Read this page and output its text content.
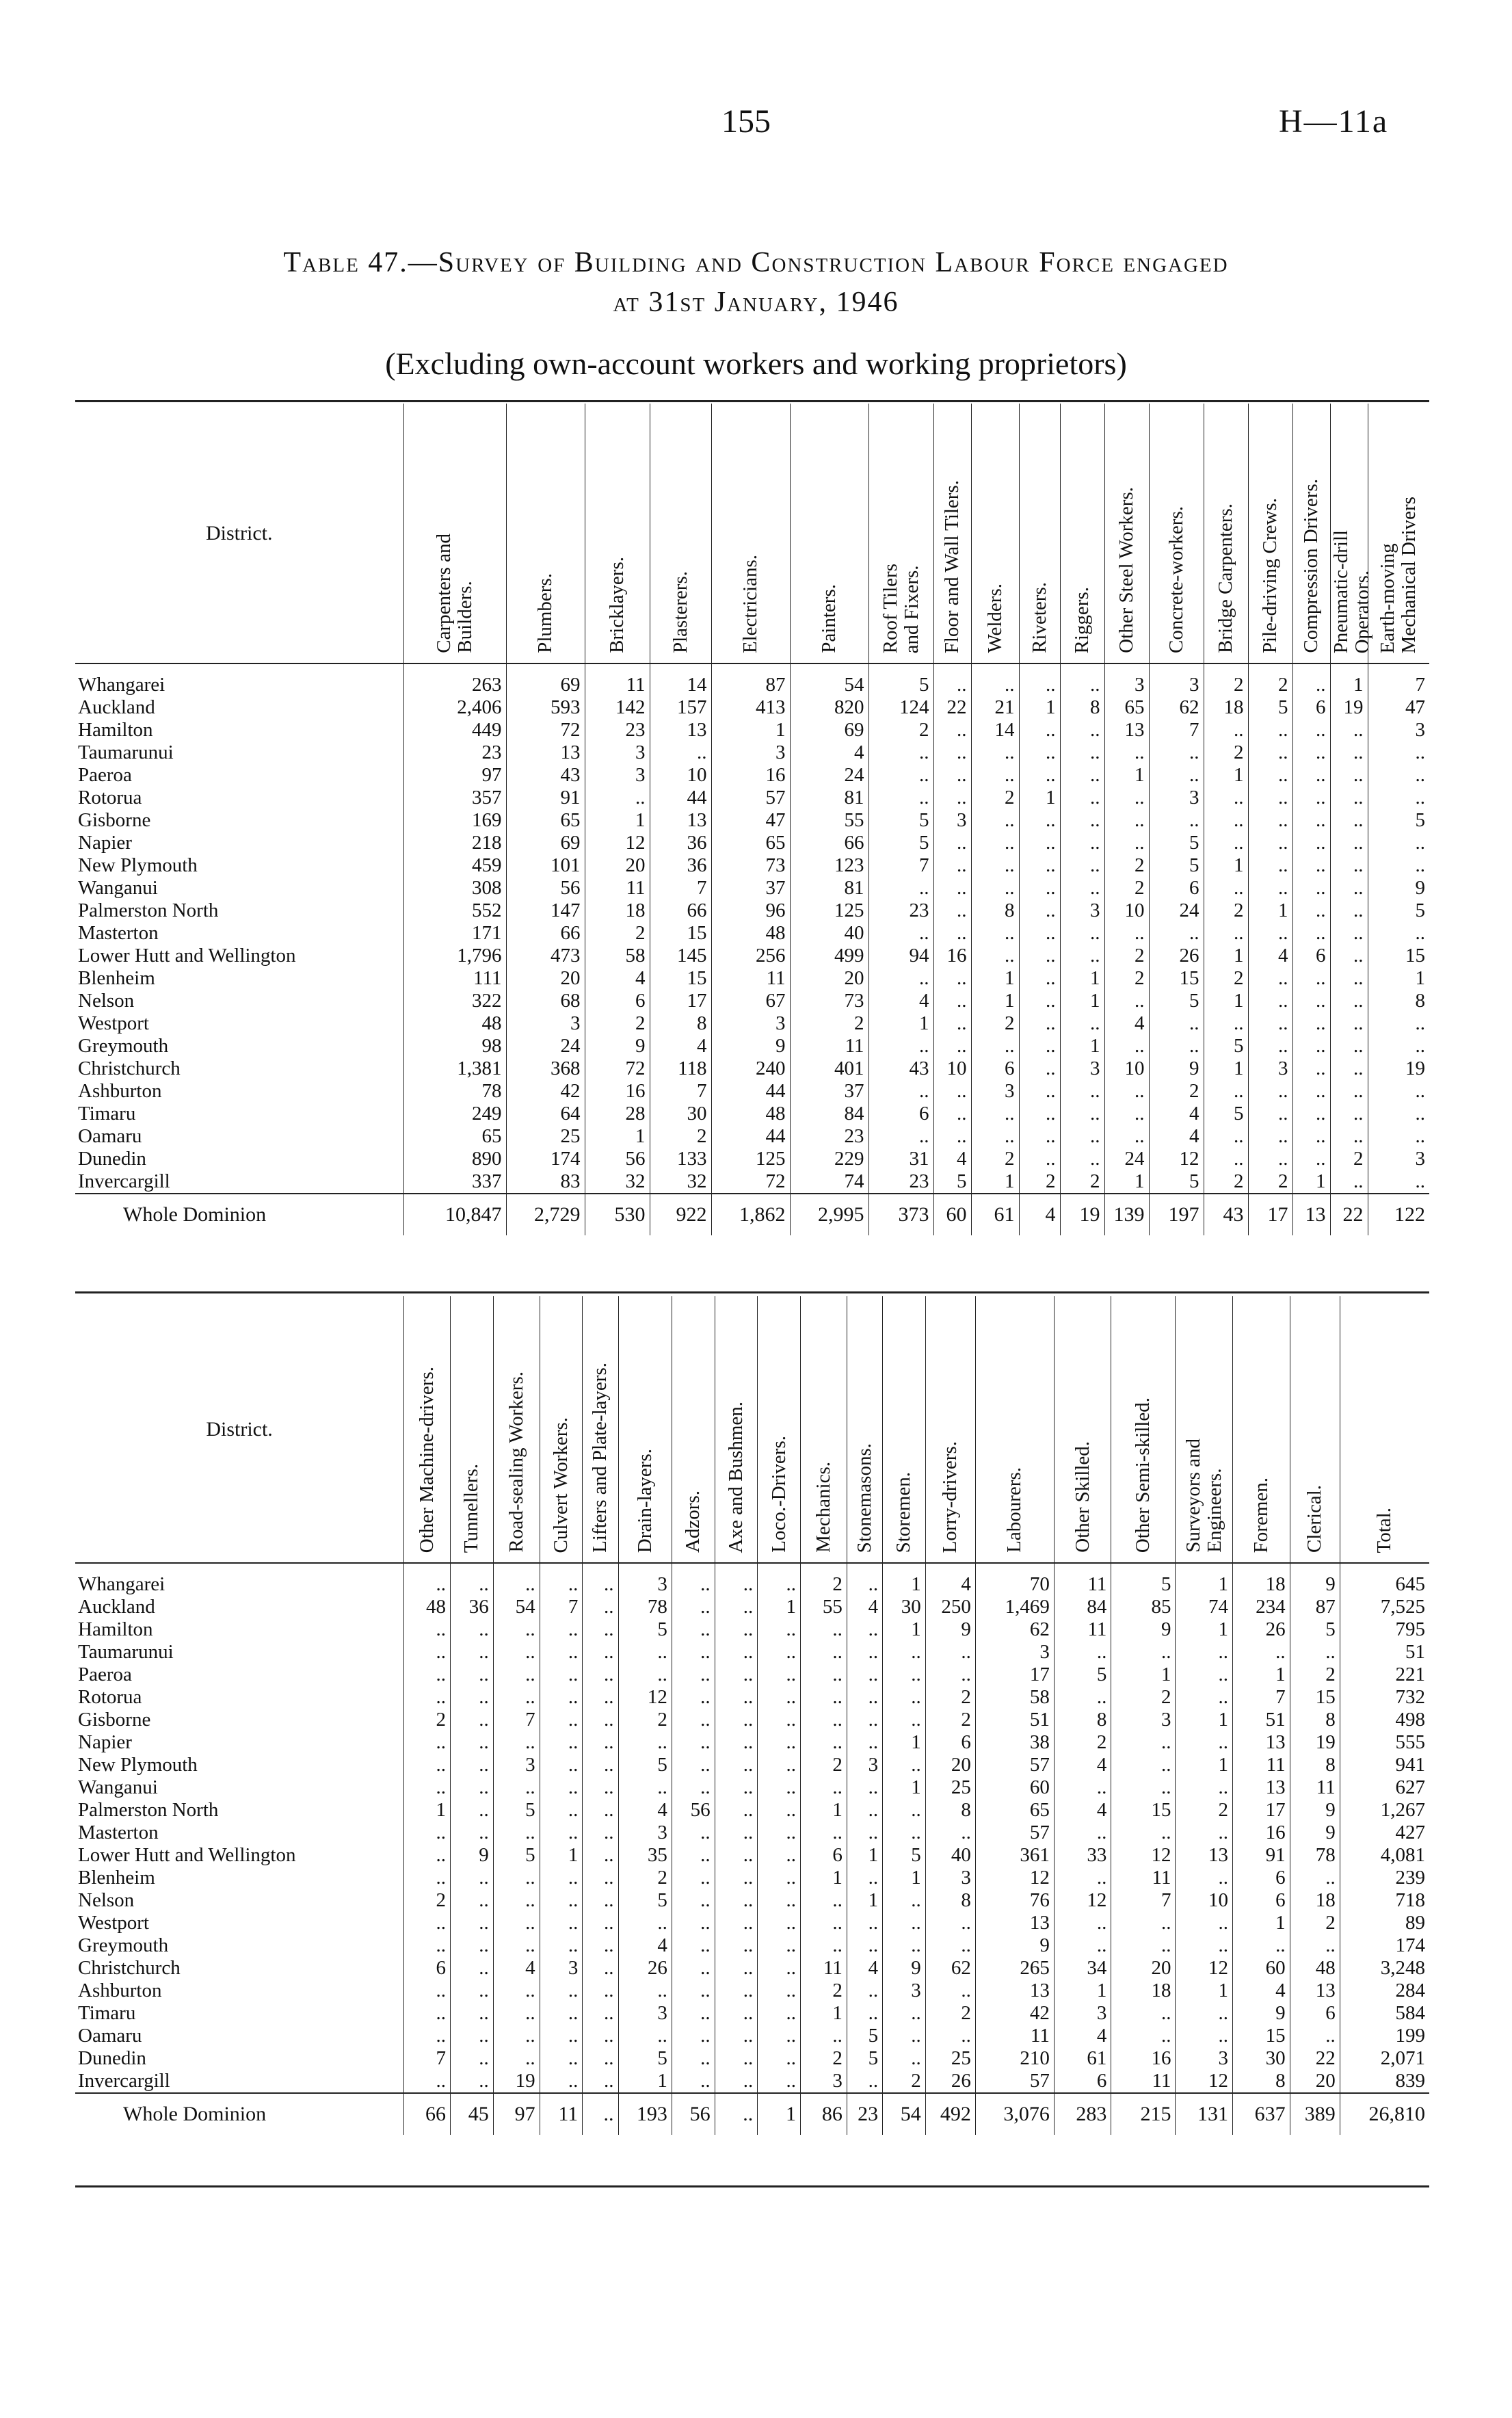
155	H—11a
Table 47.—Survey of Building and Construction Labour Force engaged
at 31st January, 1946
(Excluding own-account workers and working proprietors)
District.	Carpenters and
Builders.	Plumbers.	Bricklayers.	Plasterers.	Electricians.	Painters.	Roof Tilers
and Fixers.	Floor and Wall Tilers.	Welders.	Riveters.	Riggers.	Other Steel Workers.	Concrete-workers.	Bridge Carpenters.	Pile-driving Crews.	Compression Drivers.	Pneumatic-drill
Operators.	Earth-moving
Mechanical Drivers
Whangarei	263	69	11	14	87	54	5	..	..	..	..	3	3	2	2	..	1	7
Auckland	2,406	593	142	157	413	820	124	22	21	1	8	65	62	18	5	6	19	47
Hamilton	449	72	23	13	1	69	2	..	14	..	..	13	7	..	..	..	..	3
Taumarunui	23	13	3	..	3	4	..	..	..	..	..	..	..	2	..	..	..	..
Paeroa	97	43	3	10	16	24	..	..	..	..	..	1	..	1	..	..	..	..
Rotorua	357	91	..	44	57	81	..	..	2	1	..	..	3	..	..	..	..	..
Gisborne	169	65	1	13	47	55	5	3	..	..	..	..	..	..	..	..	..	5
Napier	218	69	12	36	65	66	5	..	..	..	..	..	5	..	..	..	..	..
New Plymouth	459	101	20	36	73	123	7	..	..	..	..	2	5	1	..	..	..	..
Wanganui	308	56	11	7	37	81	..	..	..	..	..	2	6	..	..	..	..	9
Palmerston North	552	147	18	66	96	125	23	..	8	..	3	10	24	2	1	..	..	5
Masterton	171	66	2	15	48	40	..	..	..	..	..	..	..	..	..	..	..	..
Lower Hutt and Wellington	1,796	473	58	145	256	499	94	16	..	..	..	2	26	1	4	6	..	15
Blenheim	111	20	4	15	11	20	..	..	1	..	1	2	15	2	..	..	..	1
Nelson	322	68	6	17	67	73	4	..	1	..	1	..	5	1	..	..	..	8
Westport	48	3	2	8	3	2	1	..	2	..	..	4	..	..	..	..	..	..
Greymouth	98	24	9	4	9	11	..	..	..	..	1	..	..	5	..	..	..	..
Christchurch	1,381	368	72	118	240	401	43	10	6	..	3	10	9	1	3	..	..	19
Ashburton	78	42	16	7	44	37	..	..	3	..	..	..	2	..	..	..	..	..
Timaru	249	64	28	30	48	84	6	..	..	..	..	..	4	5	..	..	..	..
Oamaru	65	25	1	2	44	23	..	..	..	..	..	..	4	..	..	..	..	..
Dunedin	890	174	56	133	125	229	31	4	2	..	..	24	12	..	..	..	2	3
Invercargill	337	83	32	32	72	74	23	5	1	2	2	1	5	2	2	1	..	..
Whole Dominion	10,847	2,729	530	922	1,862	2,995	373	60	61	4	19	139	197	43	17	13	22	122
District.	Other Machine-drivers.	Tunnellers.	Road-sealing Workers.	Culvert Workers.	Lifters and Plate-layers.	Drain-layers.	Adzors.	Axe and Bushmen.	Loco.-Drivers.	Mechanics.	Stonemasons.	Storemen.	Lorry-drivers.	Labourers.	Other Skilled.	Other Semi-skilled.	Surveyors and
Engineers.	Foremen.	Clerical.	Total.
Whangarei	..	..	..	..	..	3	..	..	..	2	..	1	4	70	11	5	1	18	9	645
Auckland	48	36	54	7	..	78	..	..	1	55	4	30	250	1,469	84	85	74	234	87	7,525
Hamilton	..	..	..	..	..	5	..	..	..	..	..	1	9	62	11	9	1	26	5	795
Taumarunui	..	..	..	..	..	..	..	..	..	..	..	..	..	3	..	..	..	..	..	51
Paeroa	..	..	..	..	..	..	..	..	..	..	..	..	..	17	5	1	..	1	2	221
Rotorua	..	..	..	..	..	12	..	..	..	..	..	..	2	58	..	2	..	7	15	732
Gisborne	2	..	7	..	..	2	..	..	..	..	..	..	2	51	8	3	1	51	8	498
Napier	..	..	..	..	..	..	..	..	..	..	..	1	6	38	2	..	..	13	19	555
New Plymouth	..	..	3	..	..	5	..	..	..	2	3	..	20	57	4	..	1	11	8	941
Wanganui	..	..	..	..	..	..	..	..	..	..	..	1	25	60	..	..	..	13	11	627
Palmerston North	1	..	5	..	..	4	56	..	..	1	..	..	8	65	4	15	2	17	9	1,267
Masterton	..	..	..	..	..	3	..	..	..	..	..	..	..	57	..	..	..	16	9	427
Lower Hutt and Wellington	..	9	5	1	..	35	..	..	..	6	1	5	40	361	33	12	13	91	78	4,081
Blenheim	..	..	..	..	..	2	..	..	..	1	..	1	3	12	..	11	..	6	..	239
Nelson	2	..	..	..	..	5	..	..	..	..	1	..	8	76	12	7	10	6	18	718
Westport	..	..	..	..	..	..	..	..	..	..	..	..	..	13	..	..	..	1	2	89
Greymouth	..	..	..	..	..	4	..	..	..	..	..	..	..	9	..	..	..	..	..	174
Christchurch	6	..	4	3	..	26	..	..	..	11	4	9	62	265	34	20	12	60	48	3,248
Ashburton	..	..	..	..	..	..	..	..	..	2	..	3	..	13	1	18	1	4	13	284
Timaru	..	..	..	..	..	3	..	..	..	1	..	..	2	42	3	..	..	9	6	584
Oamaru	..	..	..	..	..	..	..	..	..	..	5	..	..	11	4	..	..	15	..	199
Dunedin	7	..	..	..	..	5	..	..	..	2	5	..	25	210	61	16	3	30	22	2,071
Invercargill	..	..	19	..	..	1	..	..	..	3	..	2	26	57	6	11	12	8	20	839
Whole Dominion	66	45	97	11	..	193	56	..	1	86	23	54	492	3,076	283	215	131	637	389	26,810
